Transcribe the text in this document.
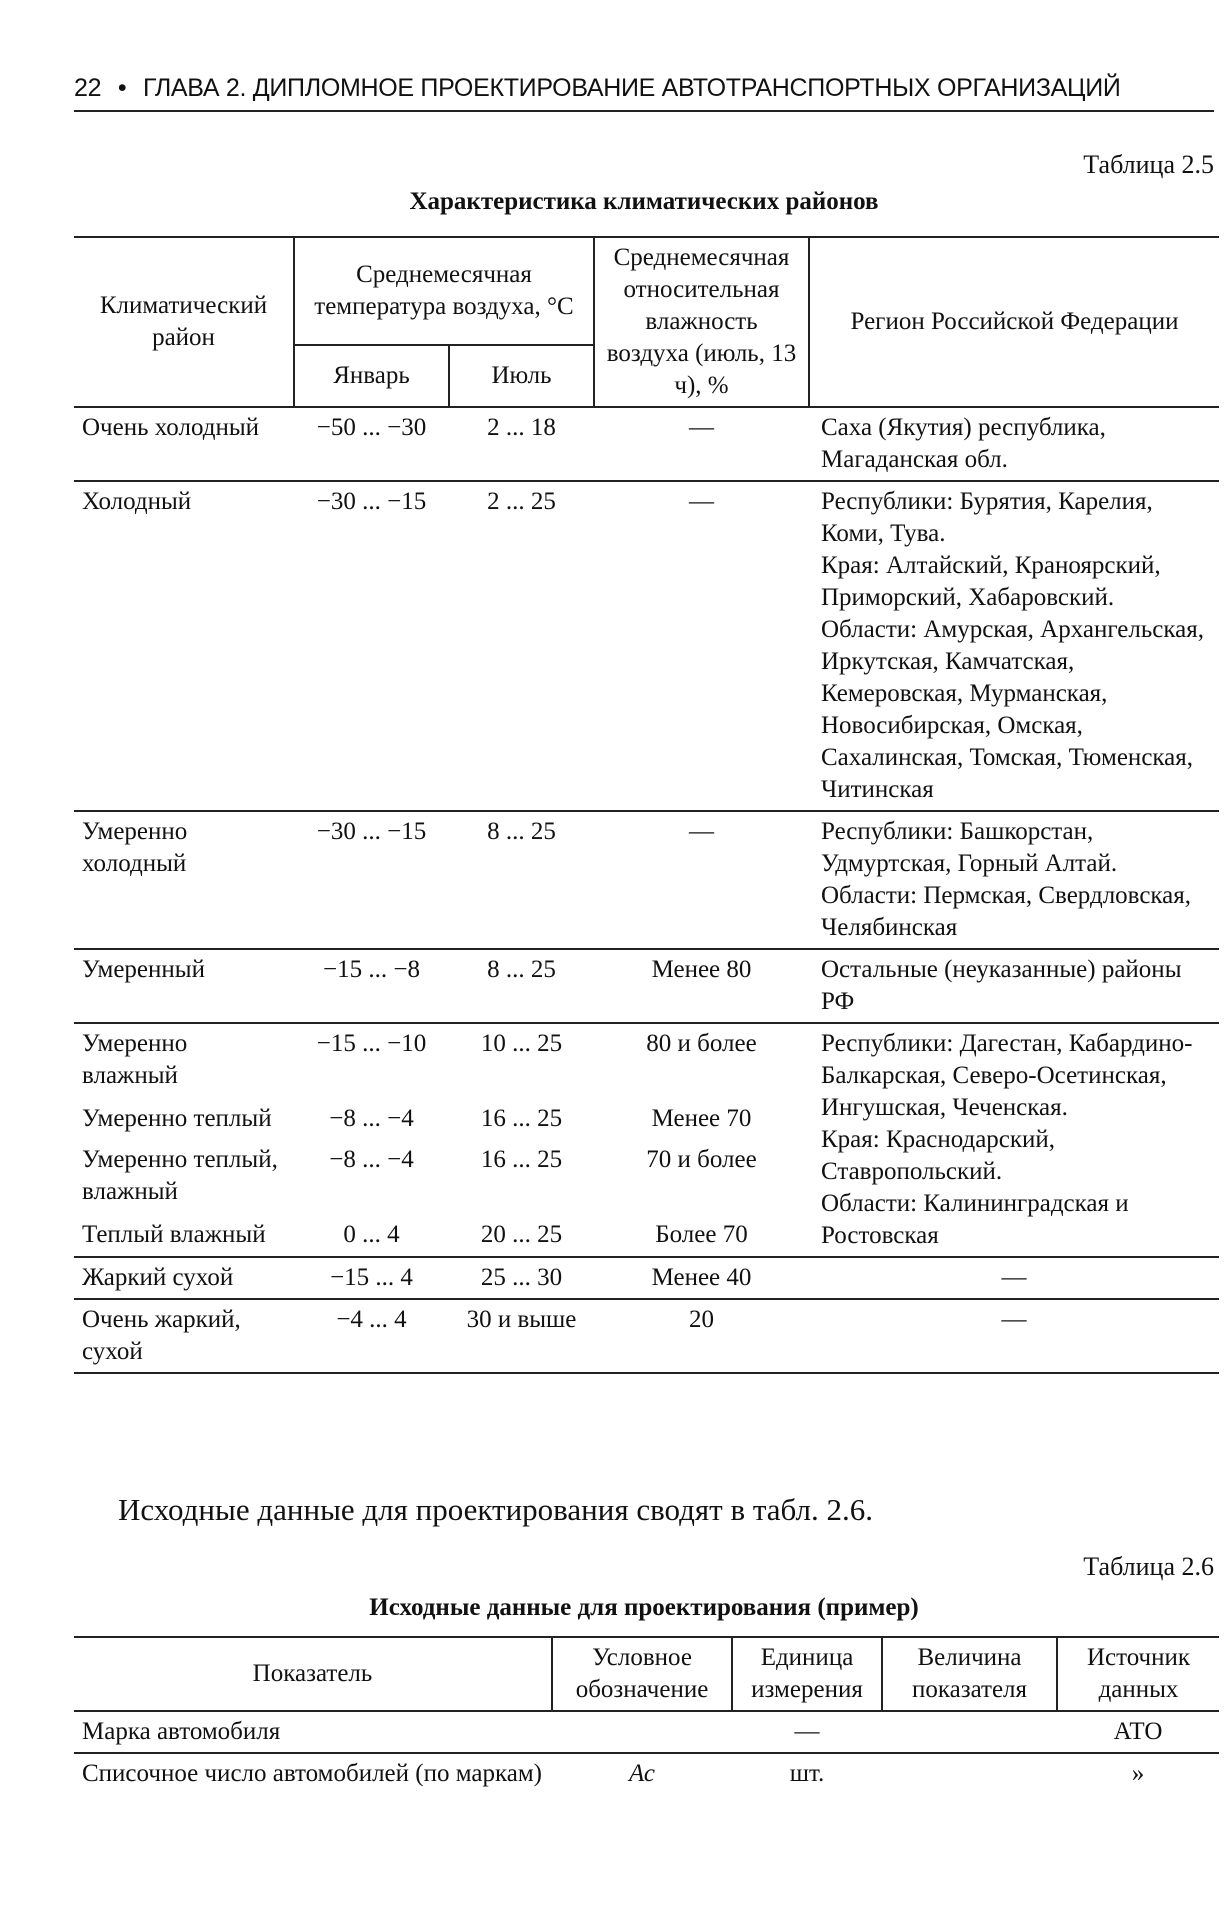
22 • ГЛАВА 2. ДИПЛОМНОЕ ПРОЕКТИРОВАНИЕ АВТОТРАНСПОРТНЫХ ОРГАНИЗАЦИЙ
Таблица 2.5
Характеристика климатических районов
Климатический район	Среднемесячная температура воздуха, °С		Среднемесячная относительная влажность воздуха (июль, 13 ч), %	Регион Российской Федерации
	Январь	Июль		
Очень холодный	−50 ... −30	2 ... 18	—	Саха (Якутия) республика, Магаданская обл.
Холодный	−30 ... −15	2 ... 25	—	Республики: Бурятия, Карелия, Коми, Тува.
Края: Алтайский, Краноярский, Приморский, Хабаровский.
Области: Амурская, Архангельская, Иркутская, Камчатская, Кемеровская, Мурманская, Новосибирская, Омская, Сахалинская, Томская, Тюменская, Читинская
Умеренно холодный	−30 ... −15	8 ... 25	—	Республики: Башкорстан, Удмуртская, Горный Алтай.
Области: Пермская, Свердловская, Челябинская
Умеренный	−15 ... −8	8 ... 25	Менее 80	Остальные (неуказанные) районы РФ
Умеренно влажный	−15 ... −10	10 ... 25	80 и более	Республики: Дагестан, Кабардино-Балкарская, Северо-Осетинская, Ингушская, Чеченская.
Края: Краснодарский, Ставропольский.
Области: Калининградская и Ростовская
Умеренно теплый	−8 ... −4	16 ... 25	Менее 70	
Умеренно теплый, влажный	−8 ... −4	16 ... 25	70 и более	
Теплый влажный	0 ... 4	20 ... 25	Более 70	
Жаркий сухой	−15 ... 4	25 ... 30	Менее 40	—
Очень жаркий, сухой	−4 ... 4	30 и выше	20	—
Исходные данные для проектирования сводят в табл. 2.6.
Таблица 2.6
Исходные данные для проектирования (пример)
Показатель	Условное обозначение	Единица измерения	Величина показателя	Источник данных
Марка автомобиля		—		АТО
Списочное число автомобилей (по маркам)	Ас	шт.		»
